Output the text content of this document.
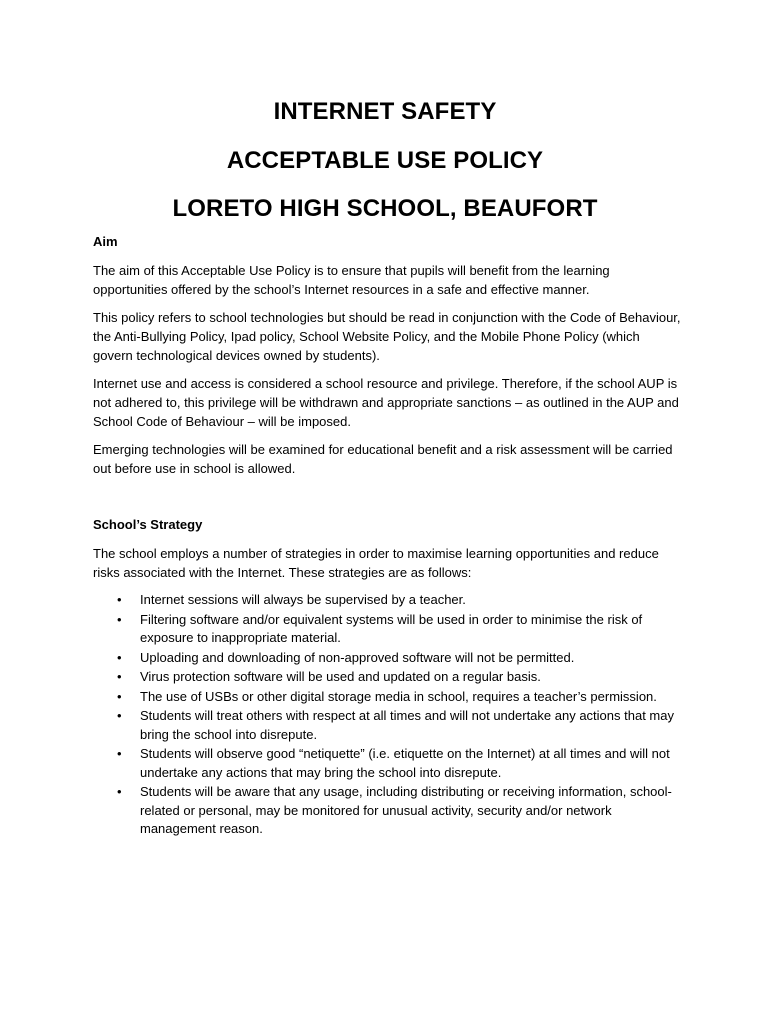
INTERNET SAFETY
ACCEPTABLE USE POLICY
LORETO HIGH SCHOOL, BEAUFORT
Aim

The aim of this Acceptable Use Policy is to ensure that pupils will benefit from the learning opportunities offered by the school’s Internet resources in a safe and effective manner.

This policy refers to school technologies but should be read in conjunction with the Code of Behaviour, the Anti-Bullying Policy, Ipad policy, School Website Policy, and the Mobile Phone Policy (which govern technological devices owned by students).

Internet use and access is considered a school resource and privilege. Therefore, if the school AUP is not adhered to, this privilege will be withdrawn and appropriate sanctions – as outlined in the AUP and School Code of Behaviour – will be imposed.

Emerging technologies will be examined for educational benefit and a risk assessment will be carried out before use in school is allowed.

School’s Strategy

The school employs a number of strategies in order to maximise learning opportunities and reduce risks associated with the Internet. These strategies are as follows:

• Internet sessions will always be supervised by a teacher.
• Filtering software and/or equivalent systems will be used in order to minimise the risk of exposure to inappropriate material.
• Uploading and downloading of non-approved software will not be permitted.
• Virus protection software will be used and updated on a regular basis.
• The use of USBs or other digital storage media in school, requires a teacher’s permission.
• Students will treat others with respect at all times and will not undertake any actions that may bring the school into disrepute.
• Students will observe good “netiquette” (i.e. etiquette on the Internet) at all times and will not undertake any actions that may bring the school into disrepute.
• Students will be aware that any usage, including distributing or receiving information, school-related or personal, may be monitored for unusual activity, security and/or network management reason.
